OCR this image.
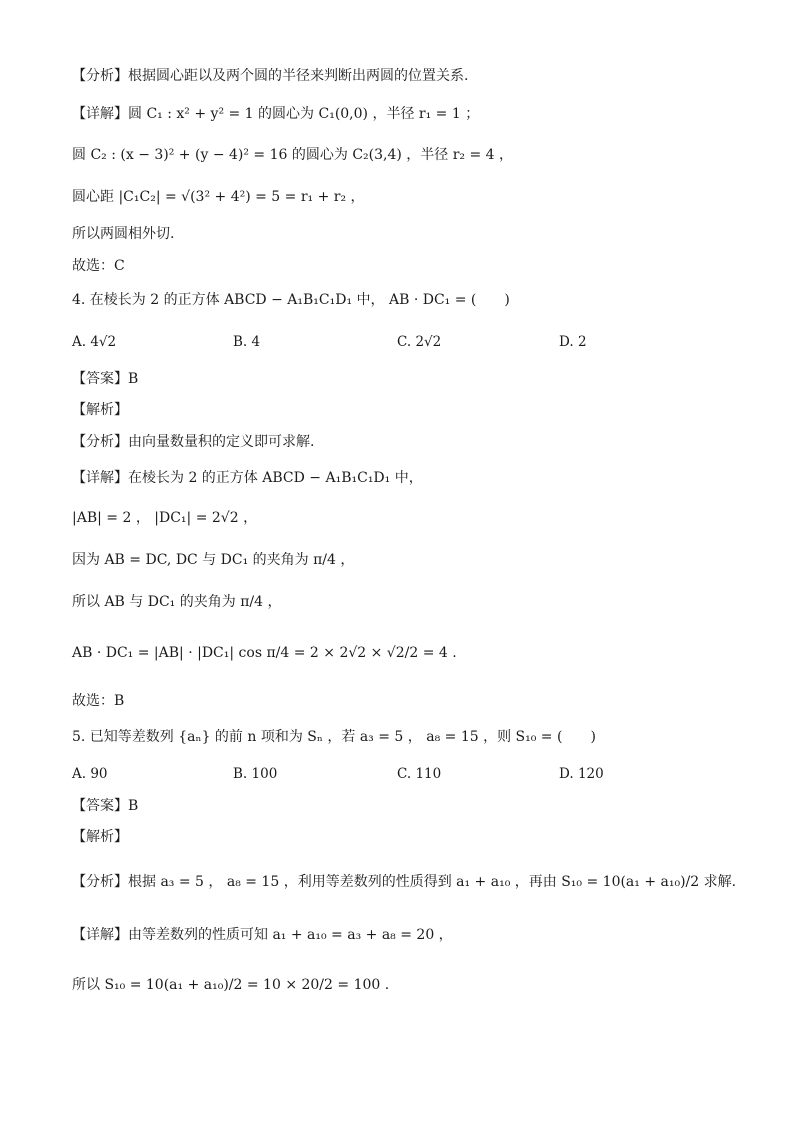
【分析】根据圆心距以及两个圆的半径来判断出两圆的位置关系.
【详解】圆 C₁ : x² + y² = 1 的圆心为 C₁(0,0) ，半径 r₁ = 1 ；
圆 C₂ : (x − 3)² + (y − 4)² = 16 的圆心为 C₂(3,4) ，半径 r₂ = 4 ，
圆心距 |C₁C₂| = √(3² + 4²) = 5 = r₁ + r₂ ，
所以两圆相外切.
故选：C
4. 在棱长为 2 的正方体 ABCD − A₁B₁C₁D₁ 中， AB · DC₁ = (　　)
A. 4√2	B. 4	C. 2√2	D. 2
【答案】B
【解析】
【分析】由向量数量积的定义即可求解.
【详解】在棱长为 2 的正方体 ABCD − A₁B₁C₁D₁ 中，
|AB| = 2 ， |DC₁| = 2√2 ，
因为 AB = DC, DC 与 DC₁ 的夹角为 π/4 ，
所以 AB 与 DC₁ 的夹角为 π/4 ，
AB · DC₁ = |AB| · |DC₁| cos π/4 = 2 × 2√2 × √2/2 = 4 .
故选：B
5. 已知等差数列 {aₙ} 的前 n 项和为 Sₙ ，若 a₃ = 5 ， a₈ = 15 ，则 S₁₀ = (　　)
A. 90	B. 100	C. 110	D. 120
【答案】B
【解析】
【分析】根据 a₃ = 5 ， a₈ = 15 ，利用等差数列的性质得到 a₁ + a₁₀ ，再由 S₁₀ = 10(a₁ + a₁₀)/2 求解.
【详解】由等差数列的性质可知 a₁ + a₁₀ = a₃ + a₈ = 20 ，
所以 S₁₀ = 10(a₁ + a₁₀)/2 = 10 × 20/2 = 100 .
